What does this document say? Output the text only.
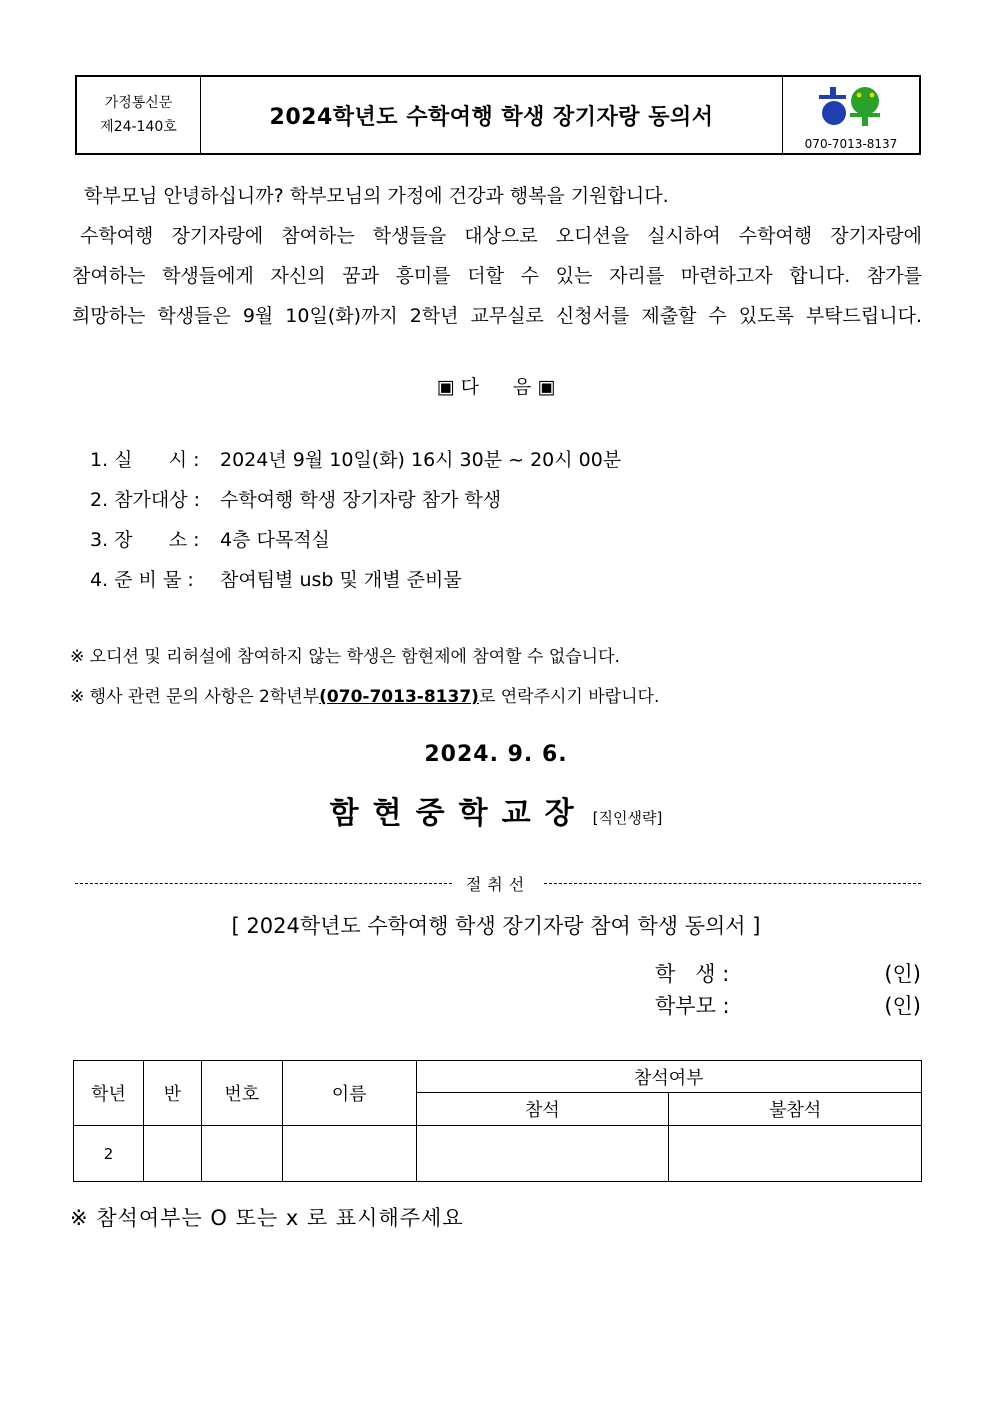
가정통신문
제24-140호	2024학년도 수학여행 학생 장기자랑 동의서
070-7013-8137

학부모님 안녕하십니까? 학부모님의 가정에 건강과 행복을 기원합니다.

수학여행 장기자랑에 참여하는 학생들을 대상으로 오디션을 실시하여 수학여행 장기자랑에

참여하는 학생들에게 자신의 꿈과 흥미를 더할 수 있는 자리를 마련하고자 합니다. 참가를

희망하는 학생들은 9월 10일(화)까지 2학년 교무실로 신청서를 제출할 수 있도록 부탁드립니다.

▣ 다 음 ▣
1. 실      시 :	2024년 9월 10일(화) 16시 30분 ~ 20시 00분
2. 참가대상 :	수학여행 학생 장기자랑 참가 학생
3. 장      소 :	4층 다목적실
4. 준 비 물 :	참여팀별 usb 및 개별 준비물
※ 오디션 및 리허설에 참여하지 않는 학생은 함현제에 참여할 수 없습니다.
※ 행사 관련 문의 사항은 2학년부(070-7013-8137)로 연락주시기 바랍니다.
2024. 9. 6.
함현중학교장 [직인생략]
절취선
[ 2024학년도 수학여행 학생 장기자랑 참여 학생 동의서 ]
학   생 :	(인)
학부모 :	(인)
학년	반	번호	이름	참석여부	
				참석	불참석
2					
※ 참석여부는 O 또는 x 로 표시해주세요
